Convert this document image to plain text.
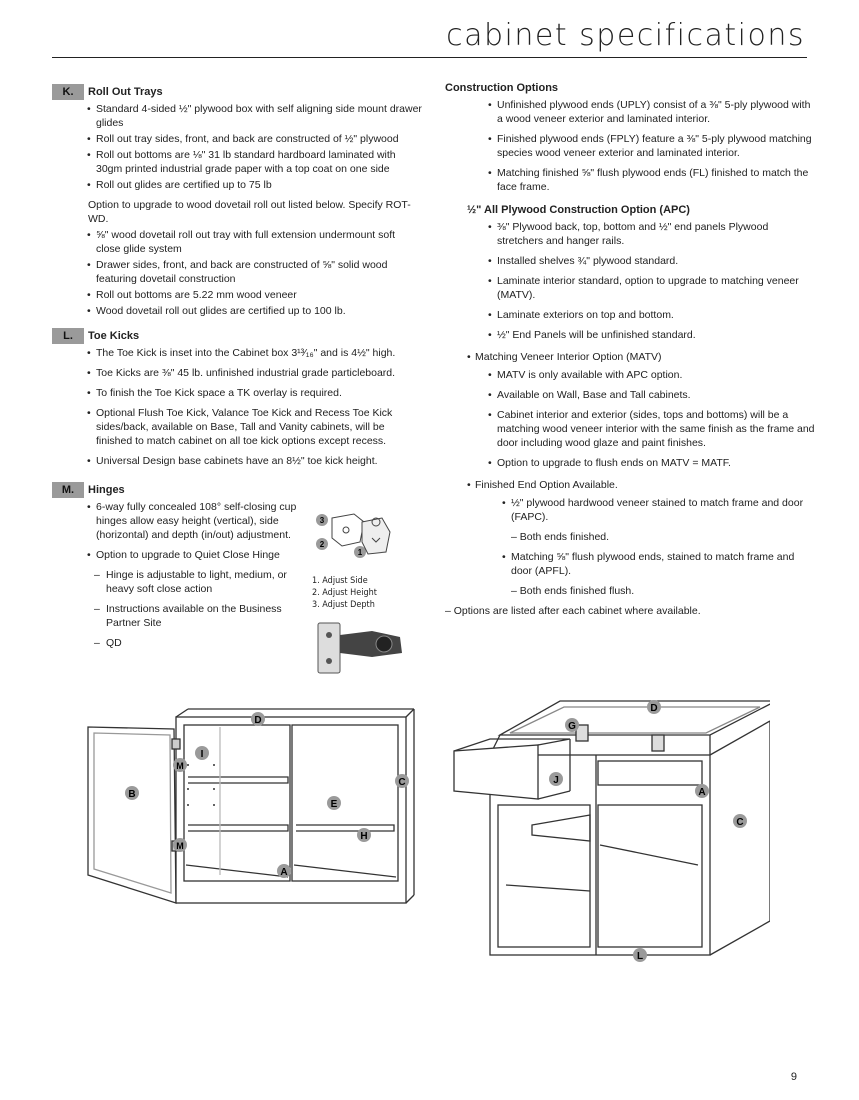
cabinet specifications
K.	Roll Out Trays
• Standard 4-sided ½" plywood box with self aligning side mount drawer glides
• Roll out tray sides, front, and back are constructed of ½" plywood
• Roll out bottoms are ⅛" 31 lb standard hardboard laminated with 30gm printed industrial grade paper with a top coat on one side
• Roll out glides are certified up to 75 lb
Option to upgrade to wood dovetail roll out listed below. Specify ROT-WD.
• ⅝" wood dovetail roll out tray with full extension undermount soft close glide system
• Drawer sides, front, and back are constructed of ⅝" solid wood featuring dovetail construction
• Roll out bottoms are 5.22 mm wood veneer
• Wood dovetail roll out glides are certified up to 100 lb.
L.	Toe Kicks
• The Toe Kick is inset into the Cabinet box 3¹³⁄₁₆" and is 4½" high.
• Toe Kicks are ⅜" 45 lb. unfinished industrial grade particleboard.
• To finish the Toe Kick space a TK overlay is required.
• Optional Flush Toe Kick, Valance Toe Kick and Recess Toe Kick sides/back, available on Base, Tall and Vanity cabinets, will be finished to match cabinet on all toe kick options except recess.
• Universal Design base cabinets have an 8½" toe kick height.
M.	Hinges
• 6-way fully concealed 108° self-closing cup hinges allow easy height (vertical), side (horizontal) and depth (in/out) adjustment.
• Option to upgrade to Quiet Close Hinge
– Hinge is adjustable to light, medium, or heavy soft close action
– Instructions available on the Business Partner Site
– QD
3
2
1
1. Adjust Side
2. Adjust Height
3. Adjust Depth
Construction Options
• Unfinished plywood ends (UPLY) consist of a ⅜" 5-ply plywood with a wood veneer exterior and laminated interior.
• Finished plywood ends (FPLY) feature a ⅜" 5-ply plywood matching species wood veneer exterior and laminated interior.
• Matching finished ⅝" flush plywood ends (FL) finished to match the face frame.
½" All Plywood Construction Option (APC)
• ⅜" Plywood back, top, bottom and ½" end panels Plywood stretchers and hanger rails.
• Installed shelves ¾" plywood standard.
• Laminate interior standard, option to upgrade to matching veneer (MATV).
• Laminate exteriors on top and bottom.
• ½" End Panels will be unfinished standard.
• Matching Veneer Interior Option (MATV)
• MATV is only available with APC option.
• Available on Wall, Base and Tall cabinets.
• Cabinet interior and exterior (sides, tops and bottoms) will be a matching wood veneer interior with the same finish as the frame and door including wood glaze and paint finishes.
• Option to upgrade to flush ends on MATV = MATF.
• Finished End Option Available.
• ½" plywood hardwood veneer stained to match frame and door (FAPC).
– Both ends finished.
• Matching ⅝" flush plywood ends, stained to match frame and door (APFL).
– Both ends finished flush.
– Options are listed after each cabinet where available.
D
I
M
B
C
E
H
M
A
D
G
J
A
C
L
9
